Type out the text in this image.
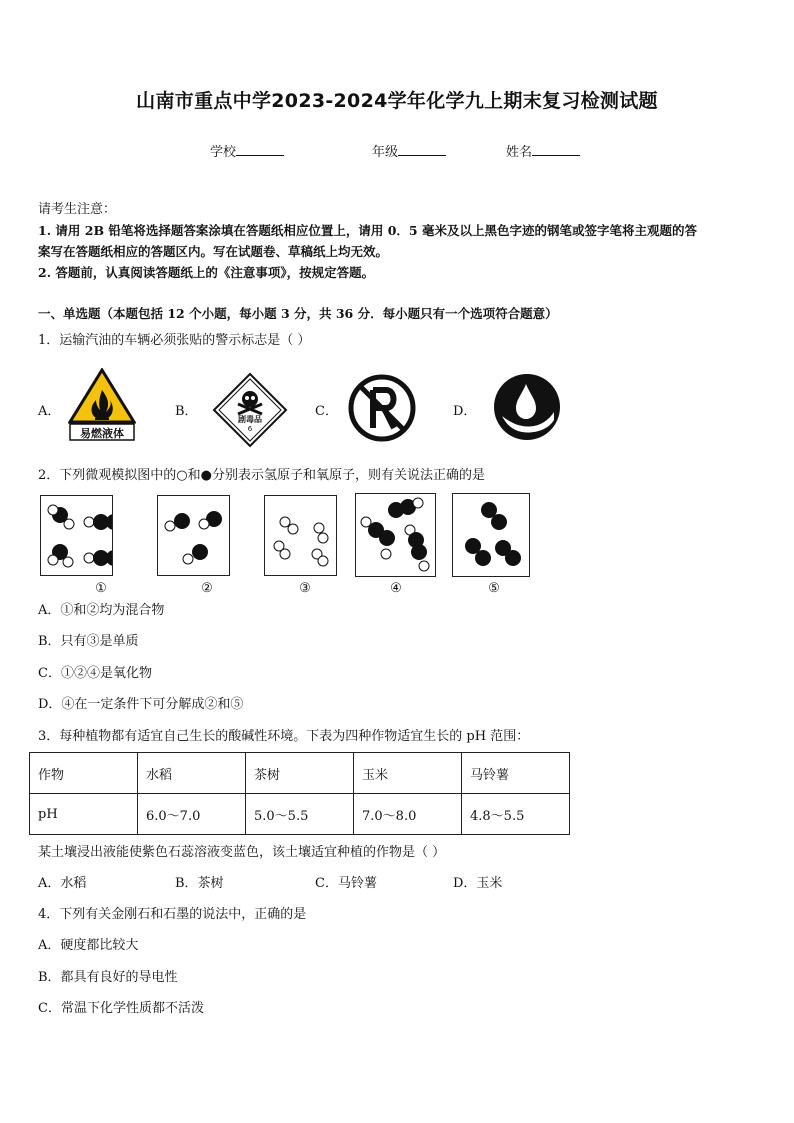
山南市重点中学2023-2024学年化学九上期末复习检测试题
学校	年级	姓名
请考生注意：
1. 请用 2B 铅笔将选择题答案涂填在答题纸相应位置上，请用 0．5 毫米及以上黑色字迹的钢笔或签字笔将主观题的答
案写在答题纸相应的答题区内。写在试题卷、草稿纸上均无效。
2. 答题前，认真阅读答题纸上的《注意事项》，按规定答题。
一、单选题（本题包括 12 个小题，每小题 3 分，共 36 分．每小题只有一个选项符合题意）
1．运输汽油的车辆必须张贴的警示标志是（ ）
A．	B．	C．	D．
易燃液体
剧毒品
6
2．下列微观模拟图中的○和●分别表示氢原子和氧原子，则有关说法正确的是
①	②	③	④	⑤
A．①和②均为混合物
B．只有③是单质
C．①②④是氧化物
D．④在一定条件下可分解成②和⑤
3．每种植物都有适宜自己生长的酸碱性环境。下表为四种作物适宜生长的 pH 范围：
作物	水稻	茶树	玉米	马铃薯
pH	6.0～7.0	5.0～5.5	7.0～8.0	4.8～5.5
某土壤浸出液能使紫色石蕊溶液变蓝色，该土壤适宜种植的作物是（ ）
A．水稻	B．茶树	C．马铃薯	D．玉米
4．下列有关金刚石和石墨的说法中，正确的是
A．硬度都比较大
B．都具有良好的导电性
C．常温下化学性质都不活泼
